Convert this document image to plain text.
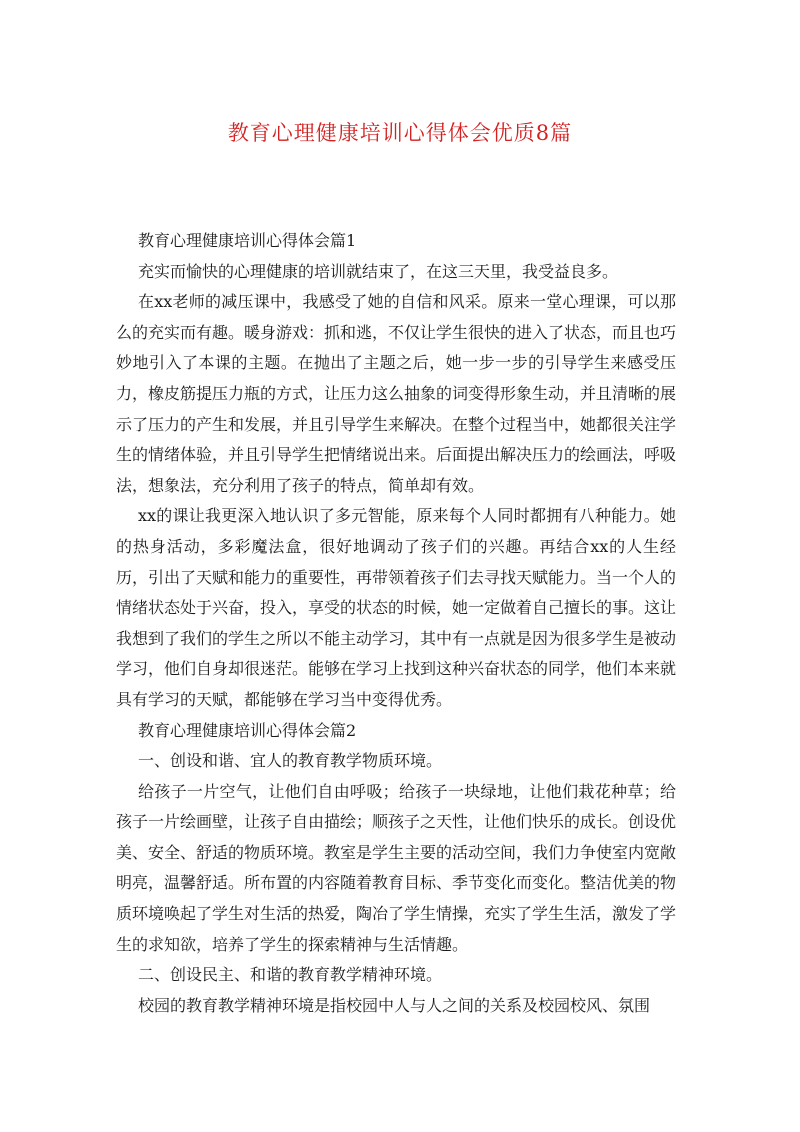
教育心理健康培训心得体会优质8篇

教育心理健康培训心得体会篇1

充实而愉快的心理健康的培训就结束了，在这三天里，我受益良多。

在xx老师的减压课中，我感受了她的自信和风采。原来一堂心理课，可以那么的充实而有趣。暖身游戏：抓和逃，不仅让学生很快的进入了状态，而且也巧妙地引入了本课的主题。在抛出了主题之后，她一步一步的引导学生来感受压力，橡皮筋提压力瓶的方式，让压力这么抽象的词变得形象生动，并且清晰的展示了压力的产生和发展，并且引导学生来解决。在整个过程当中，她都很关注学生的情绪体验，并且引导学生把情绪说出来。后面提出解决压力的绘画法，呼吸法，想象法，充分利用了孩子的特点，简单却有效。

xx的课让我更深入地认识了多元智能，原来每个人同时都拥有八种能力。她的热身活动，多彩魔法盒，很好地调动了孩子们的兴趣。再结合xx的人生经历，引出了天赋和能力的重要性，再带领着孩子们去寻找天赋能力。当一个人的情绪状态处于兴奋，投入，享受的状态的时候，她一定做着自己擅长的事。这让我想到了我们的学生之所以不能主动学习，其中有一点就是因为很多学生是被动学习，他们自身却很迷茫。能够在学习上找到这种兴奋状态的同学，他们本来就具有学习的天赋，都能够在学习当中变得优秀。

教育心理健康培训心得体会篇2

一、创设和谐、宜人的教育教学物质环境。

给孩子一片空气，让他们自由呼吸；给孩子一块绿地，让他们栽花种草；给孩子一片绘画壁，让孩子自由描绘；顺孩子之天性，让他们快乐的成长。创设优美、安全、舒适的物质环境。教室是学生主要的活动空间，我们力争使室内宽敞明亮，温馨舒适。所布置的内容随着教育目标、季节变化而变化。整洁优美的物质环境唤起了学生对生活的热爱，陶冶了学生情操，充实了学生生活，激发了学生的求知欲，培养了学生的探索精神与生活情趣。

二、创设民主、和谐的教育教学精神环境。

校园的教育教学精神环境是指校园中人与人之间的关系及校园校风、氛围
